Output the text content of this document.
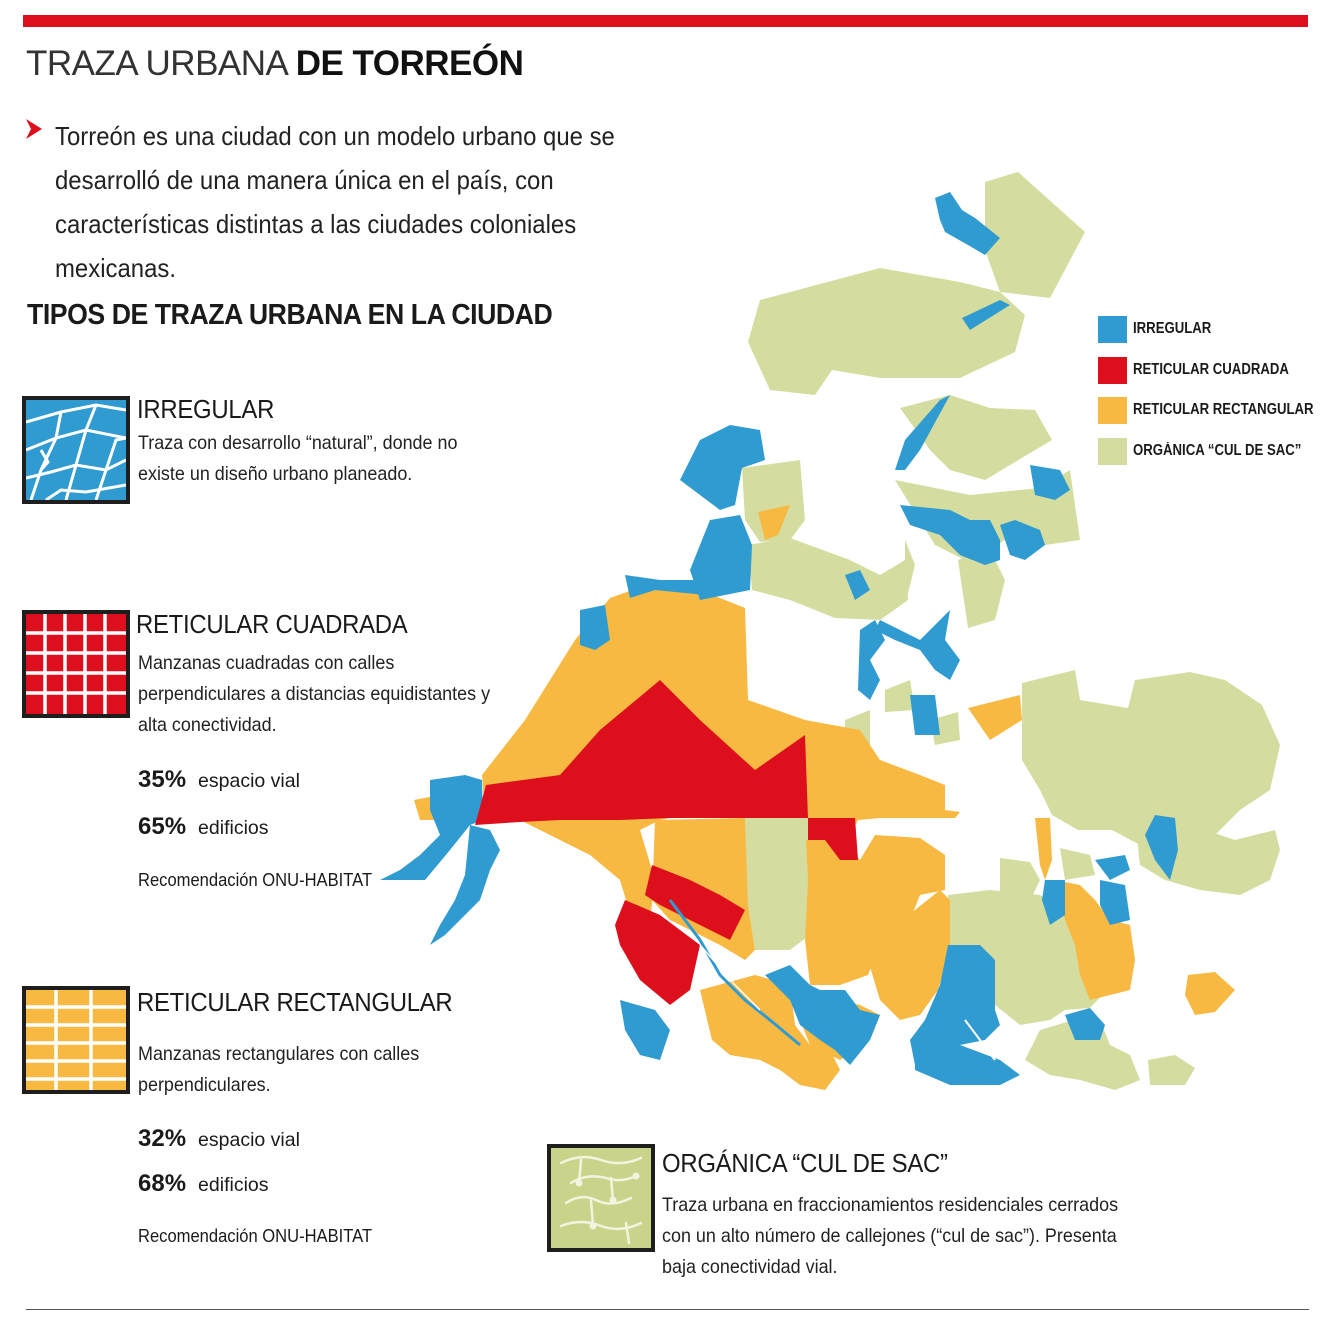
TRAZA URBANA DE TORREÓN
Torreón es una ciudad con un modelo urbano que se desarrolló de una manera única en el país, con características distintas a las ciudades coloniales mexicanas.
TIPOS DE TRAZA URBANA EN LA CIUDAD	IRREGULAR
RETICULAR CUADRADA
RETICULAR RECTANGULAR
ORGÁNICA “CUL DE SAC”
IRREGULAR
Traza con desarrollo “natural”, donde no existe un diseño urbano planeado.
RETICULAR CUADRADA
Manzanas cuadradas con calles perpendiculares a distancias equidistantes y alta conectividad.
35% espacio vial
65% edificios
Recomendación ONU-HABITAT
RETICULAR RECTANGULAR
Manzanas rectangulares con calles perpendiculares.
32% espacio vial
68% edificios
Recomendación ONU-HABITAT
ORGÁNICA “CUL DE SAC”
Traza urbana en fraccionamientos residenciales cerrados con un alto número de callejones (“cul de sac”). Presenta baja conectividad vial.
